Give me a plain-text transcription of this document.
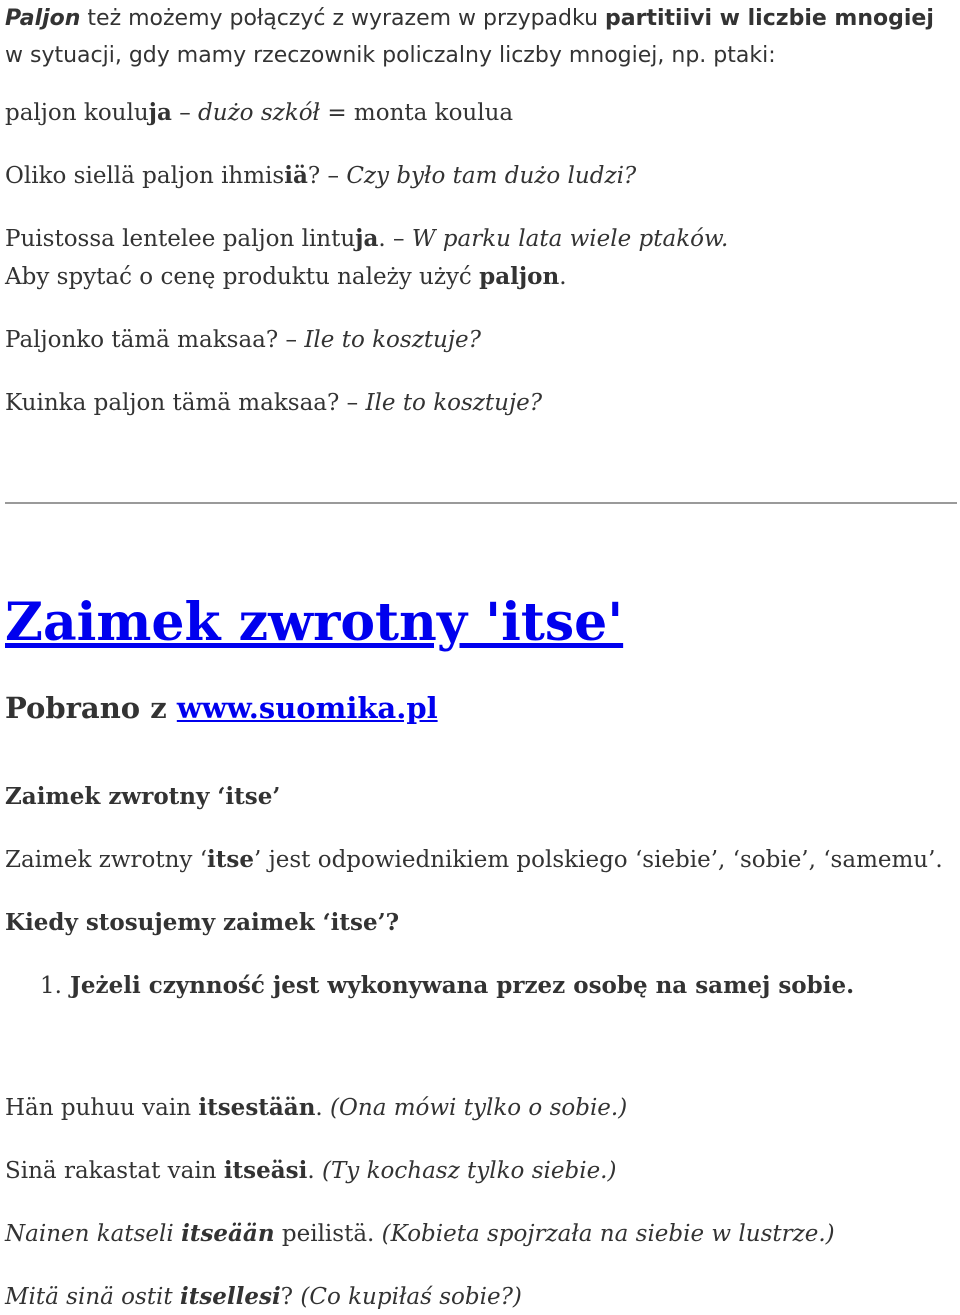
Paljon też możemy połączyć z wyrazem w przypadku partitiivi w liczbie mnogiej w sytuacji, gdy mamy rzeczownik policzalny liczby mnogiej, np. ptaki:
paljon kouluja – dużo szkół = monta koulua
Oliko siellä paljon ihmisiä? – Czy było tam dużo ludzi?
Puistossa lentelee paljon lintuja. – W parku lata wiele ptaków.
Aby spytać o cenę produktu należy użyć paljon.
Paljonko tämä maksaa? – Ile to kosztuje?
Kuinka paljon tämä maksaa? – Ile to kosztuje?
Zaimek zwrotny 'itse'
Pobrano z www.suomika.pl
Zaimek zwrotny ‘itse’
Zaimek zwrotny ‘itse’ jest odpowiednikiem polskiego ‘siebie’, ‘sobie’, ‘samemu’.
Kiedy stosujemy zaimek ‘itse’?
1. Jeżeli czynność jest wykonywana przez osobę na samej sobie.
Hän puhuu vain itsestään. (Ona mówi tylko o sobie.)
Sinä rakastat vain itseäsi. (Ty kochasz tylko siebie.)
Nainen katseli itseään peilistä. (Kobieta spojrzała na siebie w lustrze.)
Mitä sinä ostit itsellesi? (Co kupiłaś sobie?)
